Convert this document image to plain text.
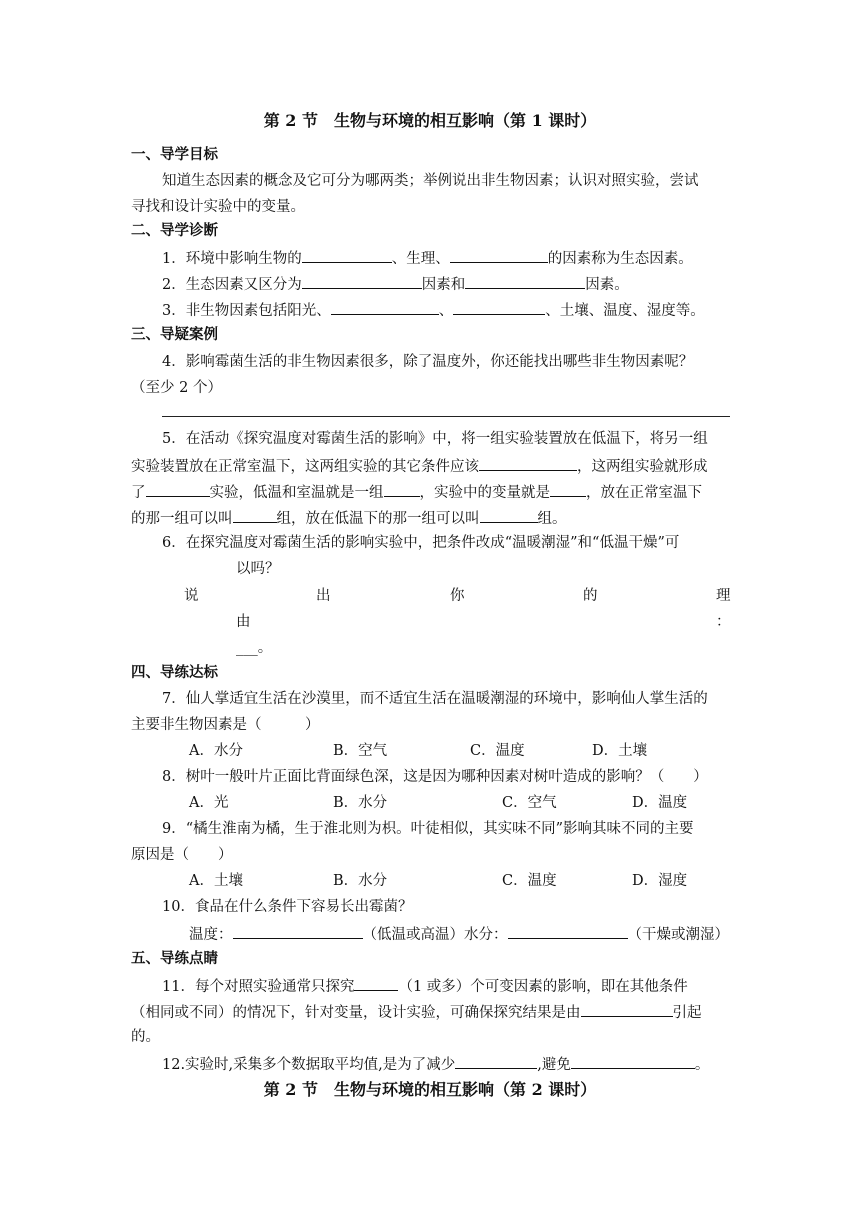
第 2 节　生物与环境的相互影响（第 1 课时）
一、导学目标
知道生态因素的概念及它可分为哪两类；举例说出非生物因素；认识对照实验，尝试
寻找和设计实验中的变量。
二、导学诊断
1．环境中影响生物的	、生理、	的因素称为生态因素。
2．生态因素又区分为	因素和	因素。
3．非生物因素包括阳光、	、	、土壤、温度、湿度等。
三、导疑案例
4．影响霉菌生活的非生物因素很多，除了温度外，你还能找出哪些非生物因素呢？
（至少 2 个）
5．在活动《探究温度对霉菌生活的影响》中，将一组实验装置放在低温下，将另一组
实验装置放在正常室温下，这两组实验的其它条件应该	，这两组实验就形成
了	实验，低温和室温就是一组 ，实验中的变量就是 ，放在正常室温下
的那一组可以叫	组，放在低温下的那一组可以叫	组。
6．在探究温度对霉菌生活的影响实验中，把条件改成“温暖潮湿”和“低温干燥”可
以吗？
说	出	你	的	理
由	：
___。
四、导练达标
7．仙人掌适宜生活在沙漠里，而不适宜生活在温暖潮湿的环境中，影响仙人掌生活的
主要非生物因素是（　　　）
A．水分	B．空气	C．温度	D．土壤
8．树叶一般叶片正面比背面绿色深，这是因为哪种因素对树叶造成的影响？（　　）
A．光	B．水分	C．空气	D．温度
9．“橘生淮南为橘，生于淮北则为枳。叶徒相似，其实味不同”影响其味不同的主要
原因是（　　）
A．土壤	B．水分	C．温度	D．湿度
10．食品在什么条件下容易长出霉菌？
温度：	（低温或高温）水分：	（干燥或潮湿）
五、导练点睛
11．每个对照实验通常只探究	（1 或多）个可变因素的影响，即在其他条件
（相同或不同）的情况下，针对变量，设计实验，可确保探究结果是由	引起
的。
12.实验时,采集多个数据取平均值,是为了减少	,避免	。
第 2 节　生物与环境的相互影响（第 2 课时）
